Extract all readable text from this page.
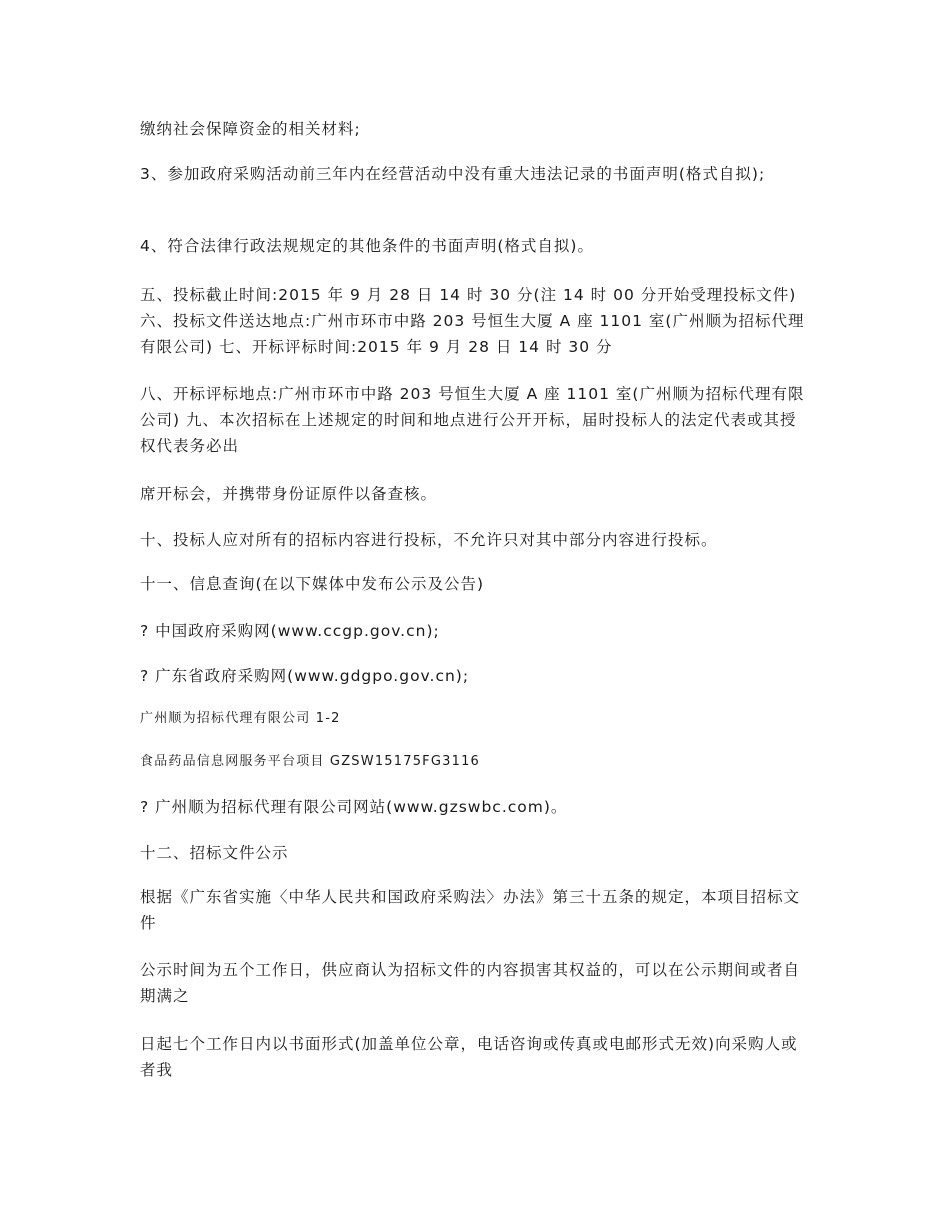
缴纳社会保障资金的相关材料;
3、参加政府采购活动前三年内在经营活动中没有重大违法记录的书面声明(格式自拟);
4、符合法律行政法规规定的其他条件的书面声明(格式自拟)。
五、投标截止时间:2015 年 9 月 28 日 14 时 30 分(注 14 时 00 分开始受理投标文件) 六、投标文件送达地点:广州市环市中路 203 号恒生大厦 A 座 1101 室(广州顺为招标代理有限公司) 七、开标评标时间:2015 年 9 月 28 日 14 时 30 分
八、开标评标地点:广州市环市中路 203 号恒生大厦 A 座 1101 室(广州顺为招标代理有限公司) 九、本次招标在上述规定的时间和地点进行公开开标，届时投标人的法定代表或其授权代表务必出
席开标会，并携带身份证原件以备查核。
十、投标人应对所有的招标内容进行投标，不允许只对其中部分内容进行投标。
十一、信息查询(在以下媒体中发布公示及公告)
? 中国政府采购网(www.ccgp.gov.cn);
? 广东省政府采购网(www.gdgpo.gov.cn);
广州顺为招标代理有限公司 1-2
食品药品信息网服务平台项目 GZSW15175FG3116
? 广州顺为招标代理有限公司网站(www.gzswbc.com)。
十二、招标文件公示
根据《广东省实施〈中华人民共和国政府采购法〉办法》第三十五条的规定，本项目招标文件
公示时间为五个工作日，供应商认为招标文件的内容损害其权益的，可以在公示期间或者自期满之
日起七个工作日内以书面形式(加盖单位公章，电话咨询或传真或电邮形式无效)向采购人或者我
